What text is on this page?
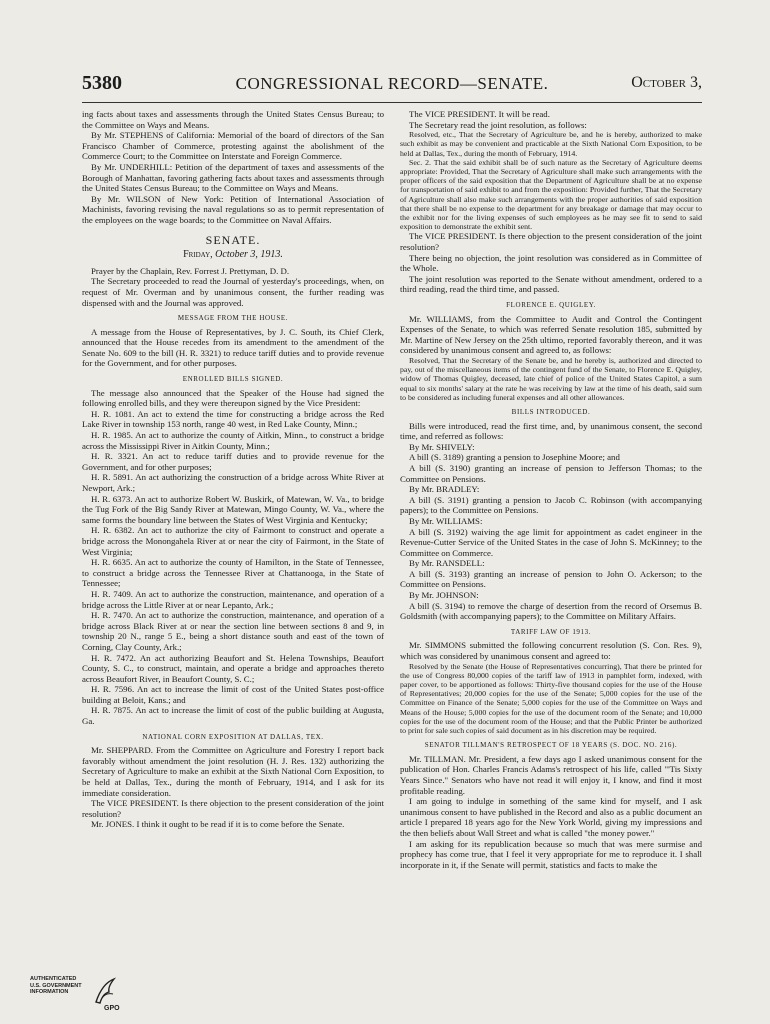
5380	CONGRESSIONAL RECORD—SENATE.	October 3,

ing facts about taxes and assessments through the United States Census Bureau; to the Committee on Ways and Means.

By Mr. STEPHENS of California: Memorial of the board of directors of the San Francisco Chamber of Commerce, protesting against the abolishment of the Commerce Court; to the Committee on Interstate and Foreign Commerce.

By Mr. UNDERHILL: Petition of the department of taxes and assessments of the Borough of Manhattan, favoring gathering facts about taxes and assessments through the United States Census Bureau; to the Committee on Ways and Means.

By Mr. WILSON of New York: Petition of International Association of Machinists, favoring revising the naval regulations so as to permit representation of the employees on the wage boards; to the Committee on Naval Affairs.

SENATE.
Friday, October 3, 1913.

Prayer by the Chaplain, Rev. Forrest J. Prettyman, D. D.

The Secretary proceeded to read the Journal of yesterday's proceedings, when, on request of Mr. Overman and by unanimous consent, the further reading was dispensed with and the Journal was approved.

MESSAGE FROM THE HOUSE.

A message from the House of Representatives, by J. C. South, its Chief Clerk, announced that the House recedes from its amendment to the amendment of the Senate No. 609 to the bill (H. R. 3321) to reduce tariff duties and to provide revenue for the Government, and for other purposes.

ENROLLED BILLS SIGNED.

The message also announced that the Speaker of the House had signed the following enrolled bills, and they were thereupon signed by the Vice President:

H. R. 1081. An act to extend the time for constructing a bridge across the Red Lake River in township 153 north, range 40 west, in Red Lake County, Minn.;

H. R. 1985. An act to authorize the county of Aitkin, Minn., to construct a bridge across the Mississippi River in Aitkin County, Minn.;

H. R. 3321. An act to reduce tariff duties and to provide revenue for the Government, and for other purposes;

H. R. 5891. An act authorizing the construction of a bridge across White River at Newport, Ark.;

H. R. 6373. An act to authorize Robert W. Buskirk, of Matewan, W. Va., to bridge the Tug Fork of the Big Sandy River at Matewan, Mingo County, W. Va., where the same forms the boundary line between the States of West Virginia and Kentucky;

H. R. 6382. An act to authorize the city of Fairmont to construct and operate a bridge across the Monongahela River at or near the city of Fairmont, in the State of West Virginia;

H. R. 6635. An act to authorize the county of Hamilton, in the State of Tennessee, to construct a bridge across the Tennessee River at Chattanooga, in the State of Tennessee;

H. R. 7409. An act to authorize the construction, maintenance, and operation of a bridge across the Little River at or near Lepanto, Ark.;

H. R. 7470. An act to authorize the construction, maintenance, and operation of a bridge across Black River at or near the section line between sections 8 and 9, in township 20 N., range 5 E., being a short distance south and east of the town of Corning, Clay County, Ark.;

H. R. 7472. An act authorizing Beaufort and St. Helena Townships, Beaufort County, S. C., to construct, maintain, and operate a bridge and approaches thereto across Beaufort River, in Beaufort County, S. C.;

H. R. 7596. An act to increase the limit of cost of the United States post-office building at Beloit, Kans.; and

H. R. 7875. An act to increase the limit of cost of the public building at Augusta, Ga.

NATIONAL CORN EXPOSITION AT DALLAS, TEX.

Mr. SHEPPARD. From the Committee on Agriculture and Forestry I report back favorably without amendment the joint resolution (H. J. Res. 132) authorizing the Secretary of Agriculture to make an exhibit at the Sixth National Corn Exposition, to be held at Dallas, Tex., during the month of February, 1914, and I ask for its immediate consideration.

The VICE PRESIDENT. Is there objection to the present consideration of the joint resolution?

Mr. JONES. I think it ought to be read if it is to come before the Senate.

The VICE PRESIDENT. It will be read.

The Secretary read the joint resolution, as follows:

Resolved, etc., That the Secretary of Agriculture be, and he is hereby, authorized to make such exhibit as may be convenient and practicable at the Sixth National Corn Exposition, to be held at Dallas, Tex., during the month of February, 1914.

Sec. 2. That the said exhibit shall be of such nature as the Secretary of Agriculture deems appropriate: Provided, That the Secretary of Agriculture shall make such arrangements with the proper officers of the said exposition that the Department of Agriculture shall be at no expense for transportation of said exhibit to and from the exposition: Provided further, That the Secretary of Agriculture shall also make such arrangements with the proper authorities of said exposition that there shall be no expense to the department for any breakage or damage that may occur to the exhibit nor for the living expenses of such employees as he may see fit to send to said exposition to demonstrate the exhibit sent.

The VICE PRESIDENT. Is there objection to the present consideration of the joint resolution?

There being no objection, the joint resolution was considered as in Committee of the Whole.

The joint resolution was reported to the Senate without amendment, ordered to a third reading, read the third time, and passed.

FLORENCE E. QUIGLEY.

Mr. WILLIAMS, from the Committee to Audit and Control the Contingent Expenses of the Senate, to which was referred Senate resolution 185, submitted by Mr. Martine of New Jersey on the 25th ultimo, reported favorably thereon, and it was considered by unanimous consent and agreed to, as follows:

Resolved, That the Secretary of the Senate be, and he hereby is, authorized and directed to pay, out of the miscellaneous items of the contingent fund of the Senate, to Florence E. Quigley, widow of Thomas Quigley, deceased, late chief of police of the United States Capitol, a sum equal to six months' salary at the rate he was receiving by law at the time of his death, said sum to be considered as including funeral expenses and all other allowances.

BILLS INTRODUCED.

Bills were introduced, read the first time, and, by unanimous consent, the second time, and referred as follows:

By Mr. SHIVELY:

A bill (S. 3189) granting a pension to Josephine Moore; and

A bill (S. 3190) granting an increase of pension to Jefferson Thomas; to the Committee on Pensions.

By Mr. BRADLEY:

A bill (S. 3191) granting a pension to Jacob C. Robinson (with accompanying papers); to the Committee on Pensions.

By Mr. WILLIAMS:

A bill (S. 3192) waiving the age limit for appointment as cadet engineer in the Revenue-Cutter Service of the United States in the case of John S. McKinney; to the Committee on Commerce.

By Mr. RANSDELL:

A bill (S. 3193) granting an increase of pension to John O. Ackerson; to the Committee on Pensions.

By Mr. JOHNSON:

A bill (S. 3194) to remove the charge of desertion from the record of Orsemus B. Goldsmith (with accompanying papers); to the Committee on Military Affairs.

TARIFF LAW OF 1913.

Mr. SIMMONS submitted the following concurrent resolution (S. Con. Res. 9), which was considered by unanimous consent and agreed to:

Resolved by the Senate (the House of Representatives concurring), That there be printed for the use of Congress 80,000 copies of the tariff law of 1913 in pamphlet form, indexed, with paper cover, to be apportioned as follows: Thirty-five thousand copies for the use of the House of Representatives; 20,000 copies for the use of the Senate; 5,000 copies for the use of the Committee on Finance of the Senate; 5,000 copies for the use of the Committee on Ways and Means of the House; 5,000 copies for the use of the document room of the Senate; and 10,000 copies for the use of the document room of the House; and that the Public Printer be authorized to print for sale such copies of said document as in his discretion may be required.

SENATOR TILLMAN'S RETROSPECT OF 18 YEARS (S. DOC. NO. 216).

Mr. TILLMAN. Mr. President, a few days ago I asked unanimous consent for the publication of Hon. Charles Francis Adams's retrospect of his life, called "'Tis Sixty Years Since." Senators who have not read it will enjoy it, I know, and find it most profitable reading.

I am going to indulge in something of the same kind for myself, and I ask unanimous consent to have published in the Record and also as a public document an article I prepared 18 years ago for the New York World, giving my impressions and the then beliefs about Wall Street and what is called "the money power."

I am asking for its republication because so much that was mere surmise and prophecy has come true, that I feel it very appropriate for me to reproduce it. I shall incorporate in it, if the Senate will permit, statistics and facts to make the

AUTHENTICATED
U.S. GOVERNMENT
INFORMATION
GPO
